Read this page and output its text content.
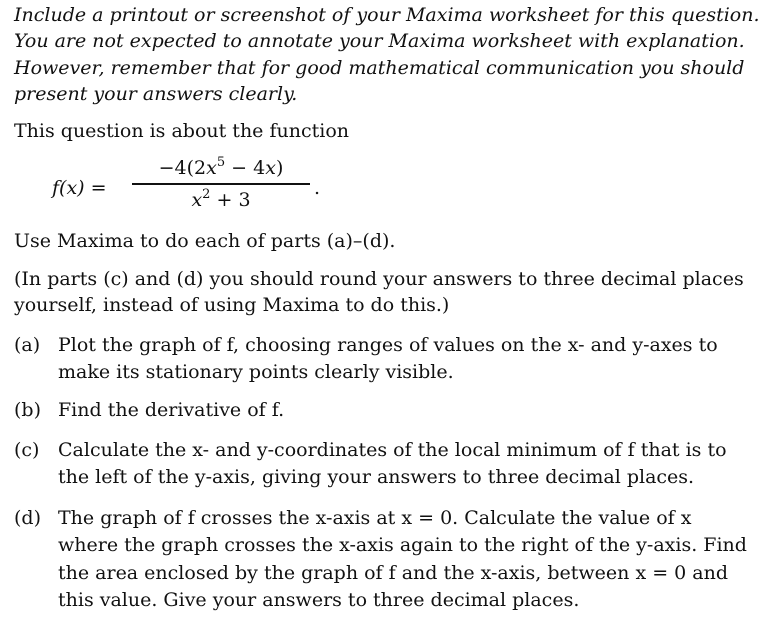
Include a printout or screenshot of your Maxima worksheet for this question.
You are not expected to annotate your Maxima worksheet with explanation.
However, remember that for good mathematical communication you should
present your answers clearly.
This question is about the function
f(x) =
$-4(2x^5 - 4x)$
$x^2 + 3$
.
Use Maxima to do each of parts (a)–(d).
(In parts (c) and (d) you should round your answers to three decimal places
yourself, instead of using Maxima to do this.)
(a) Plot the graph of f, choosing ranges of values on the x- and y-axes to
make its stationary points clearly visible.
(b) Find the derivative of f.
(c) Calculate the x- and y-coordinates of the local minimum of f that is to
the left of the y-axis, giving your answers to three decimal places.
(d) The graph of f crosses the x-axis at x = 0. Calculate the value of x
where the graph crosses the x-axis again to the right of the y-axis. Find
the area enclosed by the graph of f and the x-axis, between x = 0 and
this value. Give your answers to three decimal places.
